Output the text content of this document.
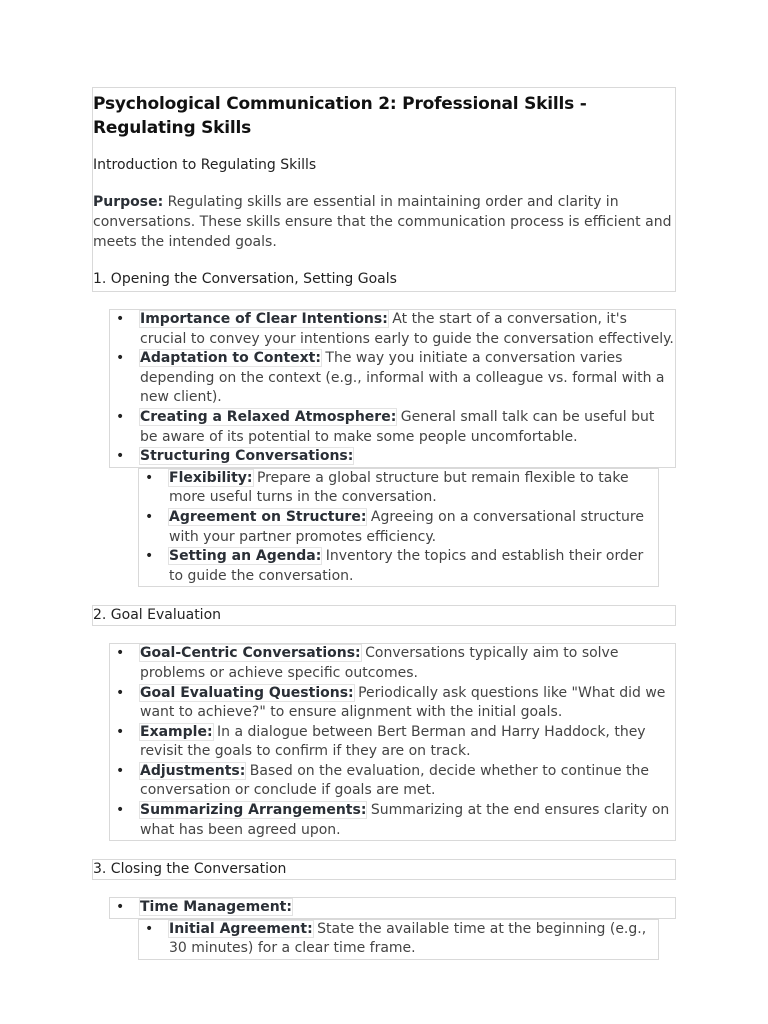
Psychological Communication 2: Professional Skills - Regulating Skills

Introduction to Regulating Skills

Purpose: Regulating skills are essential in maintaining order and clarity in conversations. These skills ensure that the communication process is efficient and meets the intended goals.

1. Opening the Conversation, Setting Goals

• Importance of Clear Intentions: At the start of a conversation, it's crucial to convey your intentions early to guide the conversation effectively.
• Adaptation to Context: The way you initiate a conversation varies depending on the context (e.g., informal with a colleague vs. formal with a new client).
• Creating a Relaxed Atmosphere: General small talk can be useful but be aware of its potential to make some people uncomfortable.
• Structuring Conversations:
• Flexibility: Prepare a global structure but remain flexible to take more useful turns in the conversation.
• Agreement on Structure: Agreeing on a conversational structure with your partner promotes efficiency.
• Setting an Agenda: Inventory the topics and establish their order to guide the conversation.
2. Goal Evaluation
• Goal-Centric Conversations: Conversations typically aim to solve problems or achieve specific outcomes.
• Goal Evaluating Questions: Periodically ask questions like "What did we want to achieve?" to ensure alignment with the initial goals.
• Example: In a dialogue between Bert Berman and Harry Haddock, they revisit the goals to confirm if they are on track.
• Adjustments: Based on the evaluation, decide whether to continue the conversation or conclude if goals are met.
• Summarizing Arrangements: Summarizing at the end ensures clarity on what has been agreed upon.
3. Closing the Conversation
• Time Management:
• Initial Agreement: State the available time at the beginning (e.g., 30 minutes) for a clear time frame.
